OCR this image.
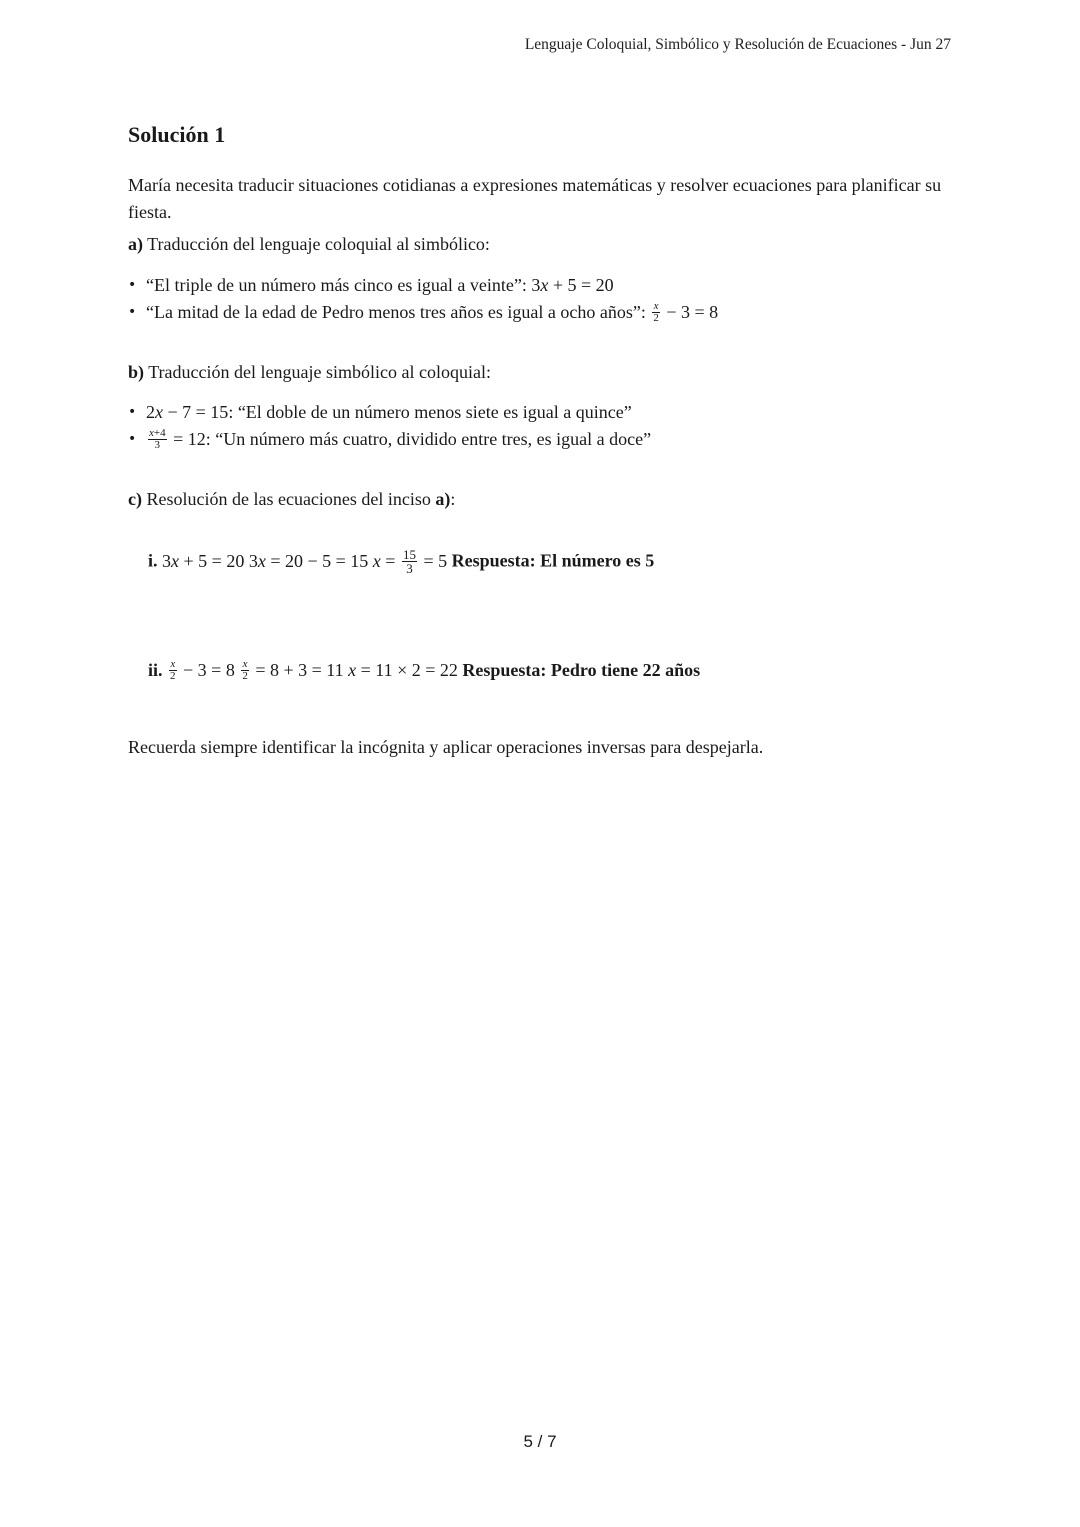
Lenguaje Coloquial, Simbólico y Resolución de Ecuaciones - Jun 27
Solución 1

María necesita traducir situaciones cotidianas a expresiones matemáticas y resolver ecuaciones para planificar su fiesta.

a) Traducción del lenguaje coloquial al simbólico:

• “El triple de un número más cinco es igual a veinte”: 3x + 5 = 20
• “La mitad de la edad de Pedro menos tres años es igual a ocho años”: $\frac{x}{2} - 3 = 8$

b) Traducción del lenguaje simbólico al coloquial:

• 2x − 7 = 15: “El doble de un número menos siete es igual a quince”
• $\frac{x+4}{3} = 12$: “Un número más cuatro, dividido entre tres, es igual a doce”

c) Resolución de las ecuaciones del inciso a):

i. 3x + 5 = 20 3x = 20 − 5 = 15 $x = \frac{15}{3} = 5$ Respuesta: El número es 5
ii. $\frac{x}{2} - 3 = 8 \frac{x}{2} = 8 + 3 = 11$ x = 11 × 2 = 22 Respuesta: Pedro tiene 22 años

Recuerda siempre identificar la incógnita y aplicar operaciones inversas para despejarla.

5 / 7
